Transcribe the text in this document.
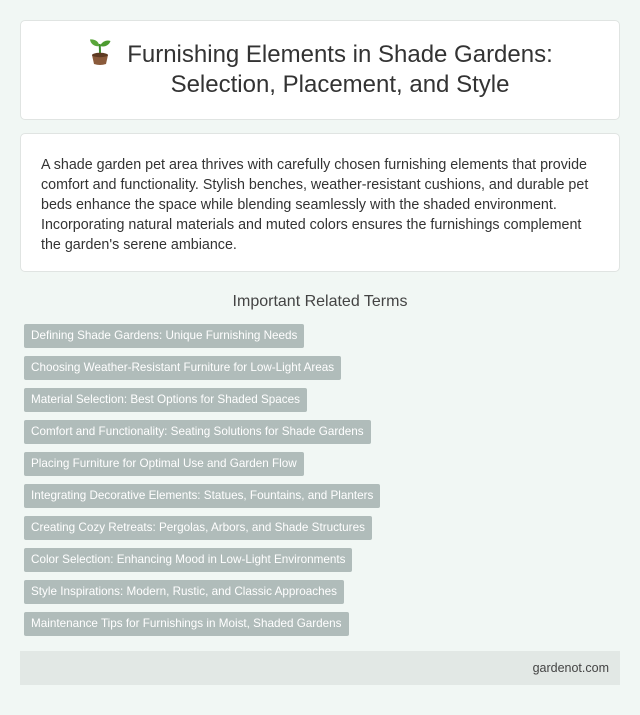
Furnishing Elements in Shade Gardens:
Selection, Placement, and Style

A shade garden pet area thrives with carefully chosen furnishing elements that provide comfort and functionality. Stylish benches, weather-resistant cushions, and durable pet beds enhance the space while blending seamlessly with the shaded environment. Incorporating natural materials and muted colors ensures the furnishings complement the garden's serene ambiance.

Important Related Terms
Defining Shade Gardens: Unique Furnishing Needs
Choosing Weather-Resistant Furniture for Low-Light Areas
Material Selection: Best Options for Shaded Spaces
Comfort and Functionality: Seating Solutions for Shade Gardens
Placing Furniture for Optimal Use and Garden Flow
Integrating Decorative Elements: Statues, Fountains, and Planters
Creating Cozy Retreats: Pergolas, Arbors, and Shade Structures
Color Selection: Enhancing Mood in Low-Light Environments
Style Inspirations: Modern, Rustic, and Classic Approaches
Maintenance Tips for Furnishings in Moist, Shaded Gardens
gardenot.com
